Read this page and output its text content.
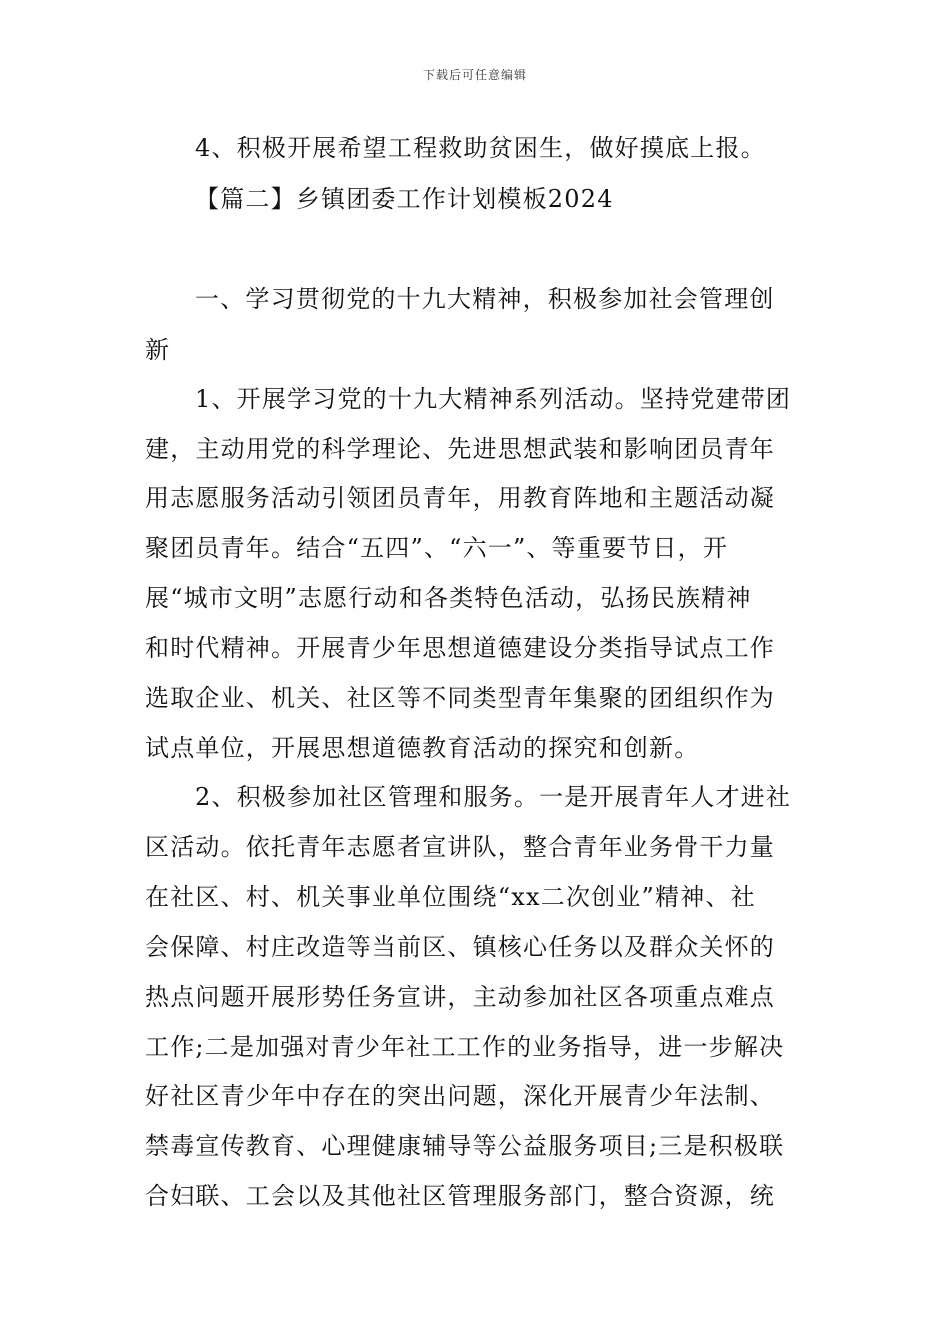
下载后可任意编辑
4、积极开展希望工程救助贫困生，做好摸底上报。
【篇二】乡镇团委工作计划模板2024
一、学习贯彻党的十九大精神，积极参加社会管理创
新
1、开展学习党的十九大精神系列活动。坚持党建带团
建，主动用党的科学理论、先进思想武装和影响团员青年
用志愿服务活动引领团员青年，用教育阵地和主题活动凝
聚团员青年。结合“五四”、“六一”、等重要节日，开
展“城市文明”志愿行动和各类特色活动，弘扬民族精神
和时代精神。开展青少年思想道德建设分类指导试点工作
选取企业、机关、社区等不同类型青年集聚的团组织作为
试点单位，开展思想道德教育活动的探究和创新。
2、积极参加社区管理和服务。一是开展青年人才进社
区活动。依托青年志愿者宣讲队，整合青年业务骨干力量
在社区、村、机关事业单位围绕“xx二次创业”精神、社
会保障、村庄改造等当前区、镇核心任务以及群众关怀的
热点问题开展形势任务宣讲，主动参加社区各项重点难点
工作;二是加强对青少年社工工作的业务指导，进一步解决
好社区青少年中存在的突出问题，深化开展青少年法制、
禁毒宣传教育、心理健康辅导等公益服务项目;三是积极联
合妇联、工会以及其他社区管理服务部门，整合资源，统
